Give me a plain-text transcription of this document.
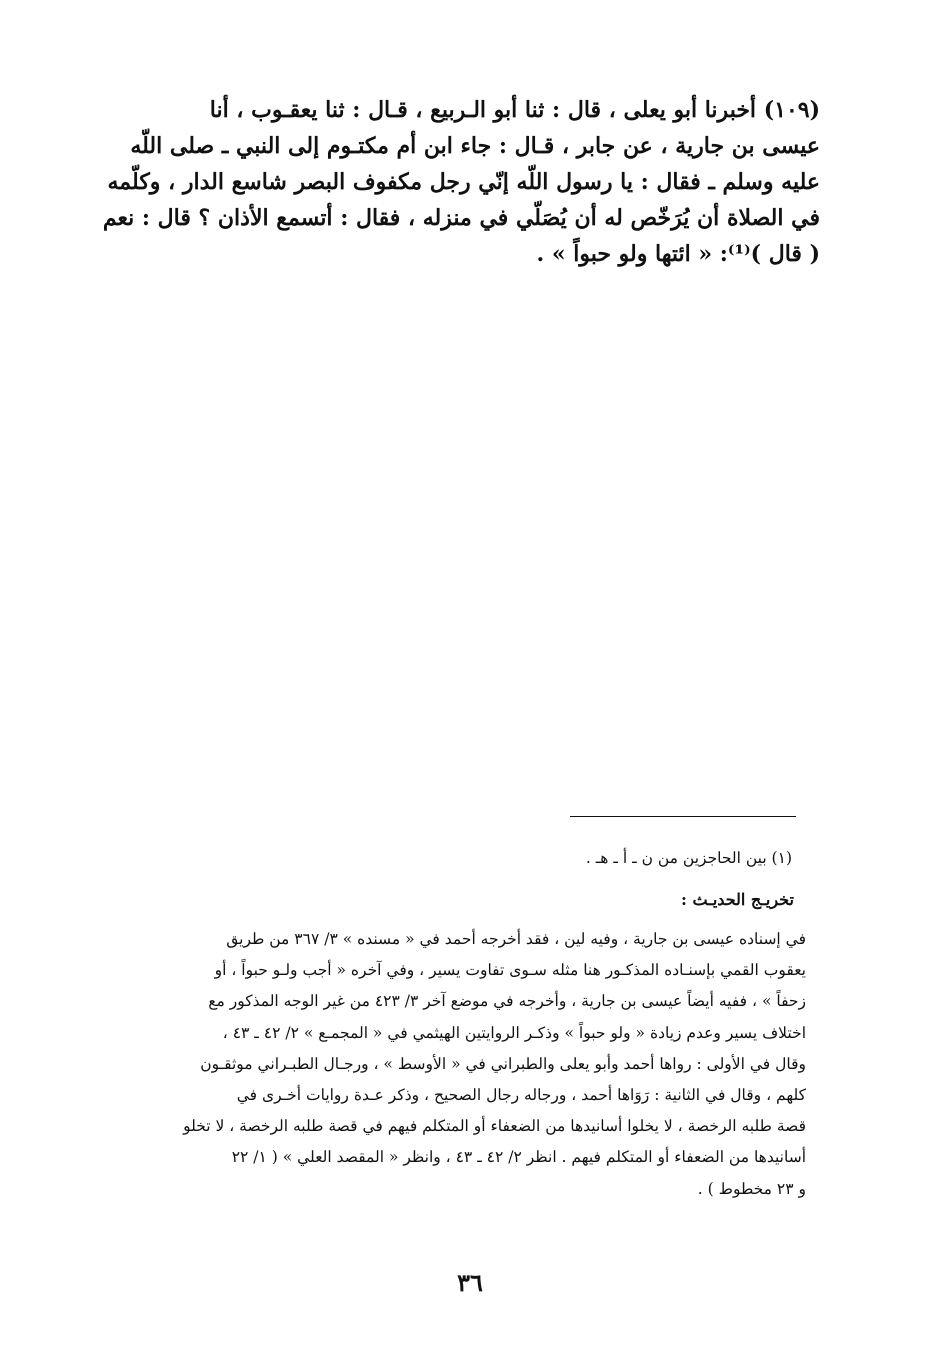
(١٠٩) أخبرنا أبو يعلى ، قال : ثنا أبو الـربيع ، قـال : ثنا يعقـوب ، أنا
عيسى بن جارية ، عن جابر ، قـال : جاء ابن أم مكتـوم إلى النبي ـ صلى اللّه
عليه وسلم ـ فقال : يا رسول اللّه إنّي رجل مكفوف البصر شاسع الدار ، وكلّمه
في الصلاة أن يُرَخّص له أن يُصَلّي في منزله ، فقال : أتسمع الأذان ؟ قال : نعم
( قال )⁽¹⁾: « ائتها ولو حبواً » .
(١) بين الحاجزين من ن ـ أ ـ هـ .
تخريـج الحديـث :
في إسناده عيسى بن جارية ، وفيه لين ، فقد أخرجه أحمد في « مسنده » ٣/ ٣٦٧ من طريق
يعقوب القمي بإسنـاده المذكـور هنا مثله سـوى تفاوت يسير ، وفي آخره « أجب ولـو حبواً ، أو
زحفاً » ، ففيه أيضاً عيسى بن جارية ، وأخرجه في موضع آخر ٣/ ٤٢٣ من غير الوجه المذكور مع
اختلاف يسير وعدم زيادة « ولو حبواً » وذكـر الروايتين الهيثمي في « المجمـع » ٢/ ٤٢ ـ ٤٣ ،
وقال في الأولى : رواها أحمد وأبو يعلى والطبراني في « الأوسط » ، ورجـال الطبـراني موثقـون
كلهم ، وقال في الثانية : رَوَاها أحمد ، ورجاله رجال الصحيح ، وذكر عـدة روايات أخـرى في
قصة طلبه الرخصة ، لا يخلوا أسانيدها من الضعفاء أو المتكلم فيهم في قصة طلبه الرخصة ، لا تخلو
أسانيدها من الضعفاء أو المتكلم فيهم . انظر ٢/ ٤٢ ـ ٤٣ ، وانظر « المقصد العلي » ( ١/ ٢٢
و ٢٣ مخطوط ) .
٣٦
